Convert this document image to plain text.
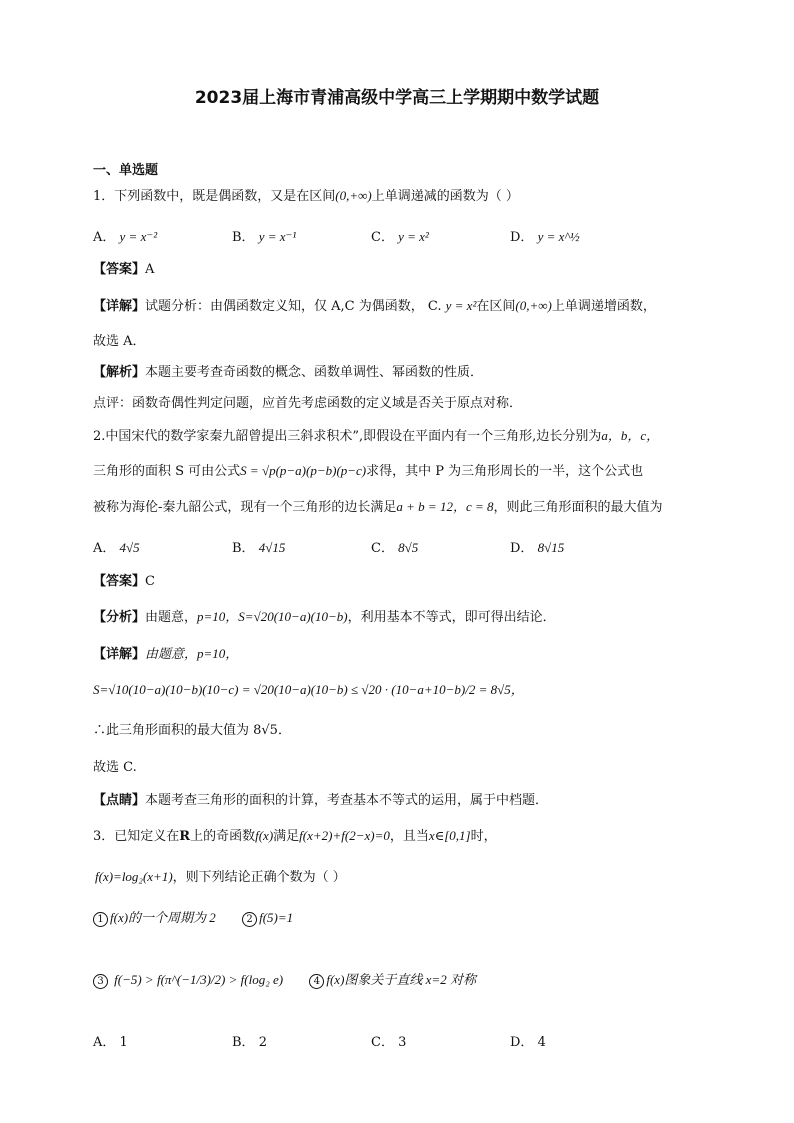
2023届上海市青浦高级中学高三上学期期中数学试题
一、单选题
1．下列函数中，既是偶函数，又是在区间(0,+∞)上单调递减的函数为（ ）
A． y = x⁻²	B． y = x⁻¹	C． y = x²	D． y = x^½
【答案】A
【详解】试题分析：由偶函数定义知，仅 A,C 为偶函数， C. y = x²在区间(0,+∞)上单调递增函数，
故选 A．
【解析】本题主要考查奇函数的概念、函数单调性、幂函数的性质．
点评：函数奇偶性判定问题，应首先考虑函数的定义域是否关于原点对称．
2.中国宋代的数学家秦九韶曾提出三斜求积术”,即假设在平面内有一个三角形,边长分别为a，b，c，
三角形的面积 S 可由公式S = √p(p−a)(p−b)(p−c)求得，其中 P 为三角形周长的一半，这个公式也
被称为海伦-秦九韶公式，现有一个三角形的边长满足a + b = 12，c = 8，则此三角形面积的最大值为
A． 4√5	B． 4√15	C． 8√5	D． 8√15
【答案】C
【分析】由题意，p=10，S=√20(10−a)(10−b)，利用基本不等式，即可得出结论．
【详解】由题意，p=10，
S=√10(10−a)(10−b)(10−c) = √20(10−a)(10−b) ≤ √20 · (10−a+10−b)/2 = 8√5，
∴此三角形面积的最大值为 8√5．
故选 C.
【点睛】本题考查三角形的面积的计算，考查基本不等式的运用，属于中档题．
3．已知定义在R上的奇函数f(x)满足f(x+2)+f(2−x)=0，且当x∈[0,1]时，
f(x)=log₂(x+1)，则下列结论正确个数为（ ）
1 f(x)的一个周期为 2	2 f(5)=1
3 f(−5) > f(π^(−1/3)/2) > f(log₂ e)	4 f(x)图象关于直线 x=2 对称
A． 1	B． 2	C． 3	D． 4
